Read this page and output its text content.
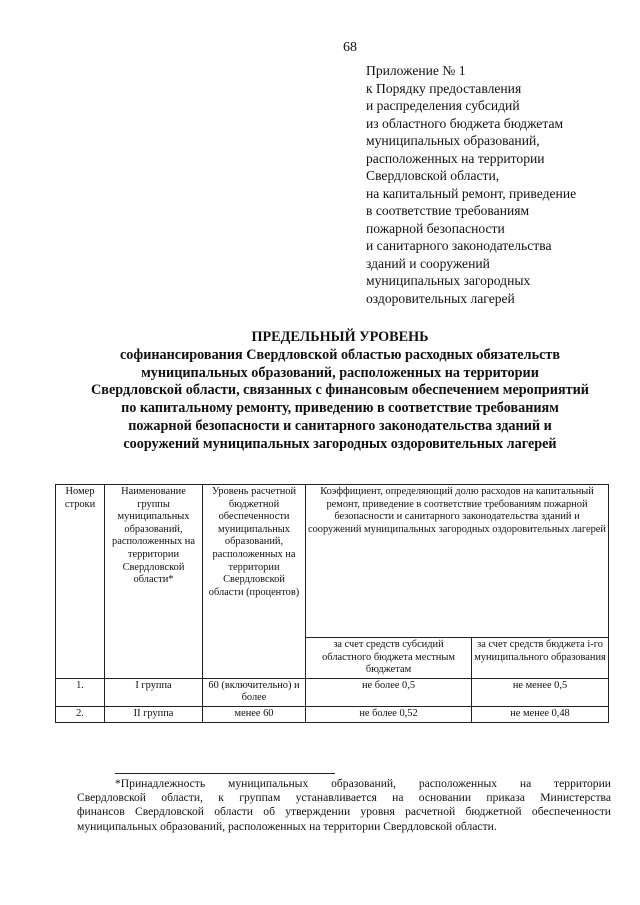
68
Приложение № 1
к Порядку предоставления
и распределения субсидий
из областного бюджета бюджетам
муниципальных образований,
расположенных на территории
Свердловской области,
на капитальный ремонт, приведение
в соответствие требованиям
пожарной безопасности
и санитарного законодательства
зданий и сооружений
муниципальных загородных
оздоровительных лагерей
ПРЕДЕЛЬНЫЙ УРОВЕНЬ
софинансирования Свердловской областью расходных обязательств
муниципальных образований, расположенных на территории
Свердловской области, связанных с финансовым обеспечением мероприятий
по капитальному ремонту, приведению в соответствие требованиям
пожарной безопасности и санитарного законодательства зданий и
сооружений муниципальных загородных оздоровительных лагерей
Номер строки	Наименование группы муниципальных образований, расположенных на территории Свердловской области*	Уровень расчетной бюджетной обеспеченности муниципальных образований, расположенных на территории Свердловской области (процентов)	Коэффициент, определяющий долю расходов на капитальный ремонт, приведение в соответствие требованиям пожарной безопасности и санитарного законодательства зданий и сооружений муниципальных загородных оздоровительных лагерей	
			за счет средств субсидий областного бюджета местным бюджетам	за счет средств бюджета i-го муниципального образования
1.	I группа	60 (включительно) и более	не более 0,5	не менее 0,5
2.	II группа	менее 60	не более 0,52	не менее 0,48
*Принадлежность муниципальных образований, расположенных на территории
Свердловской области, к группам устанавливается на основании приказа Министерства
финансов Свердловской области об утверждении уровня расчетной бюджетной обеспеченности
муниципальных образований, расположенных на территории Свердловской области.
